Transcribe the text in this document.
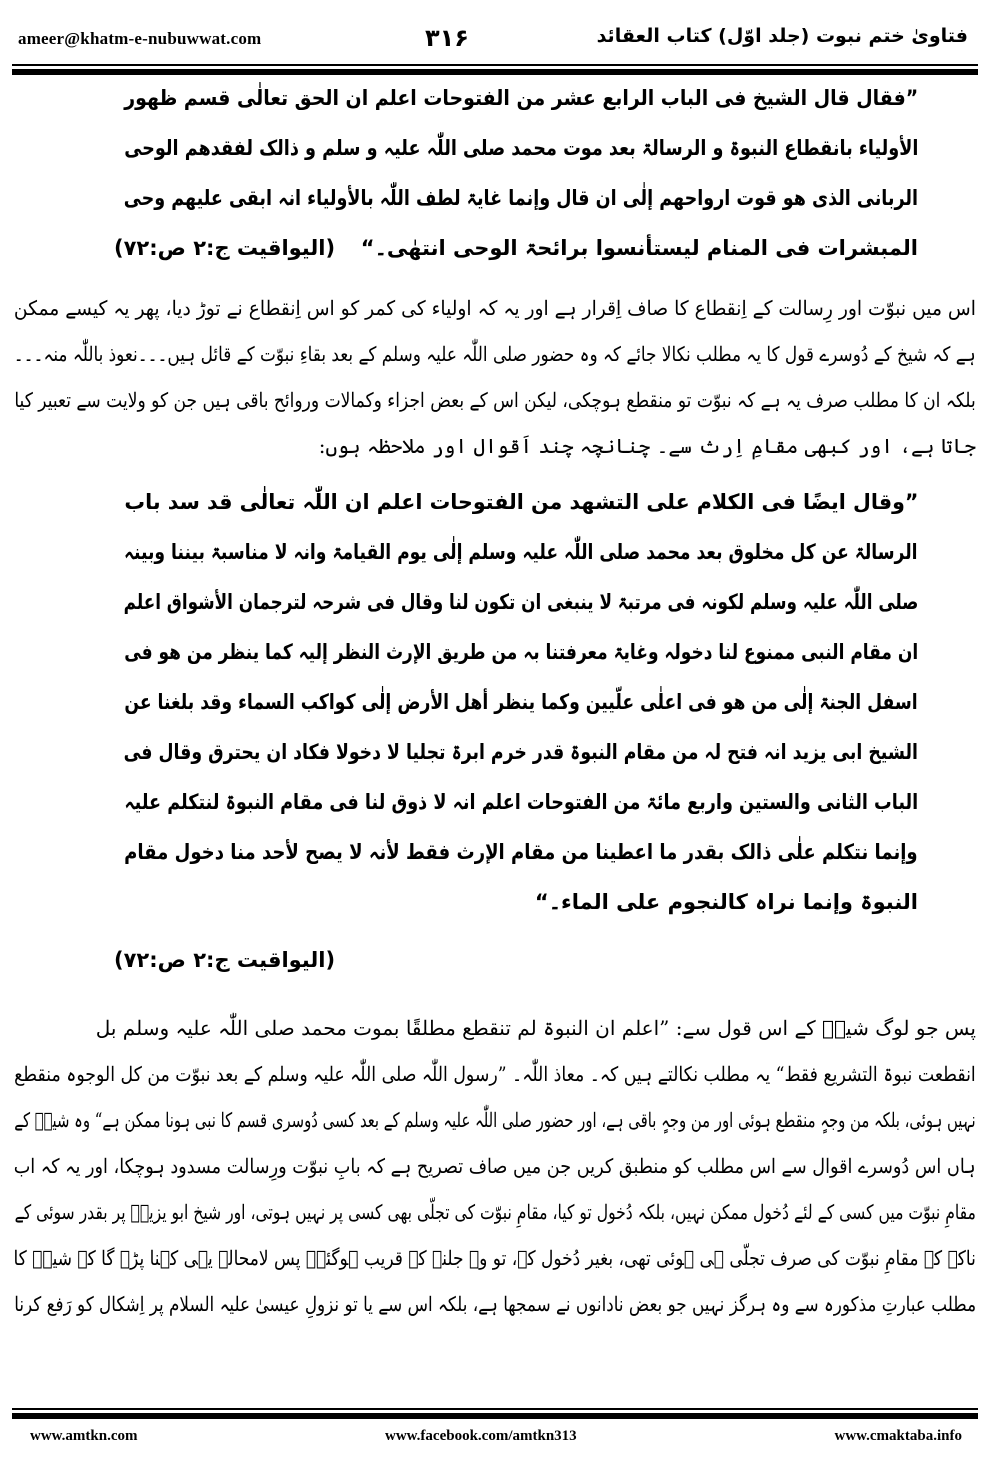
ameer@khatm-e-nubuwwat.com	۳۱۶	فتاویٰ ختم نبوت (جلد اوّل) کتاب العقائد
”فقال قال الشیخ فی الباب الرابع عشر من الفتوحات اعلم ان الحق تعالٰی قسم ظھور
الأولیاء بانقطاع النبوۃ و الرسالۃ بعد موت محمد صلی اللّٰہ علیہ و سلم و ذالک لفقدھم الوحی
الربانی الذی ھو قوت ارواحھم إلٰی ان قال وإنما غایۃ لطف اللّٰہ بالأولیاء انہ ابقی علیھم وحی
المبشرات فی المنام لیستأنسوا برائحۃ الوحی انتھٰی۔“
(الیواقیت ج:۲ ص:۷۲)
اس میں نبوّت اور رِسالت کے اِنقطاع کا صاف اِقرار ہے اور یہ کہ اولیاء کی کمر کو اس اِنقطاع نے توڑ دیا، پھر یہ کیسے ممکن
ہے کہ شیخ کے دُوسرے قول کا یہ مطلب نکالا جائے کہ وہ حضور صلی اللّٰہ علیہ وسلم کے بعد بقاءِ نبوّت کے قائل ہیں۔۔۔نعوذ باللّٰہ منہ۔۔۔
بلکہ ان کا مطلب صرف یہ ہے کہ نبوّت تو منقطع ہوچکی، لیکن اس کے بعض اجزاء وکمالات وروائح باقی ہیں جن کو ولایت سے تعبیر کیا
جاتا ہے، اور کبھی مقامِ اِرث سے۔ چنانچہ چند اَقوال اور ملاحظہ ہوں:
”وقال ایضًا فی الکلام علی التشھد من الفتوحات اعلم ان اللّٰہ تعالٰی قد سد باب
الرسالۃ عن کل مخلوق بعد محمد صلی اللّٰہ علیہ وسلم إلٰی یوم القیامۃ وانہ لا مناسبۃ بیننا وبینہ
صلی اللّٰہ علیہ وسلم لکونہ فی مرتبۃ لا ینبغی ان تکون لنا وقال فی شرحہ لترجمان الأشواق اعلم
ان مقام النبی ممنوع لنا دخولہ وغایۃ معرفتنا بہ من طریق الإرث النظر إلیہ کما ینظر من ھو فی
اسفل الجنۃ إلٰی من ھو فی اعلٰی علّیین وکما ینظر أھل الأرض إلٰی کواکب السماء وقد بلغنا عن
الشیخ ابی یزید انہ فتح لہ من مقام النبوۃ قدر خرم ابرۃ تجلیا لا دخولا فکاد ان یحترق وقال فی
الباب الثانی والستین واربع مائۃ من الفتوحات اعلم انہ لا ذوق لنا فی مقام النبوۃ لنتکلم علیہ
وإنما نتکلم علٰی ذالک بقدر ما اعطینا من مقام الإرث فقط لأنہ لا یصح لأحد منا دخول مقام
النبوۃ وإنما نراہ کالنجوم علی الماء۔“
(الیواقیت ج:۲ ص:۷۲)
پس جو لوگ شیخؒ کے اس قول سے: ”اعلم ان النبوۃ لم تنقطع مطلقًا بموت محمد صلی اللّٰہ علیہ وسلم بل
انقطعت نبوۃ التشریع فقط“ یہ مطلب نکالتے ہیں کہ۔ معاذ اللّٰہ۔ ”رسول اللّٰہ صلی اللّٰہ علیہ وسلم کے بعد نبوّت من کل الوجوہ منقطع
نہیں ہوئی، بلکہ من وجہٍ منقطع ہوئی اور من وجہٍ باقی ہے، اور حضور صلی اللّٰہ علیہ وسلم کے بعد کسی دُوسری قسم کا نبی ہونا ممکن ہے“ وہ شیخؒ کے
ہاں اس دُوسرے اقوال سے اس مطلب کو منطبق کریں جن میں صاف تصریح ہے کہ بابِ نبوّت ورِسالت مسدود ہوچکا، اور یہ کہ اب
مقامِ نبوّت میں کسی کے لئے دُخول ممکن نہیں، بلکہ دُخول تو کیا، مقامِ نبوّت کی تجلّی بھی کسی پر نہیں ہوتی، اور شیخ ابو یزیدؒ پر بقدر سوئی کے
ناکہ کے مقامِ نبوّت کی صرف تجلّی ہی ہوئی تھی، بغیر دُخول کے، تو وہ جلنے کے قریب ہوگئے۔ پس لامحالہ یہی کہنا پڑے گا کہ شیخؒ کا
مطلب عبارتِ مذکورہ سے وہ ہرگز نہیں جو بعض نادانوں نے سمجھا ہے، بلکہ اس سے یا تو نزولِ عیسیٰ علیہ السلام پر اِشکال کو رَفع کرنا
www.amtkn.com	www.facebook.com/amtkn313	www.cmaktaba.info
